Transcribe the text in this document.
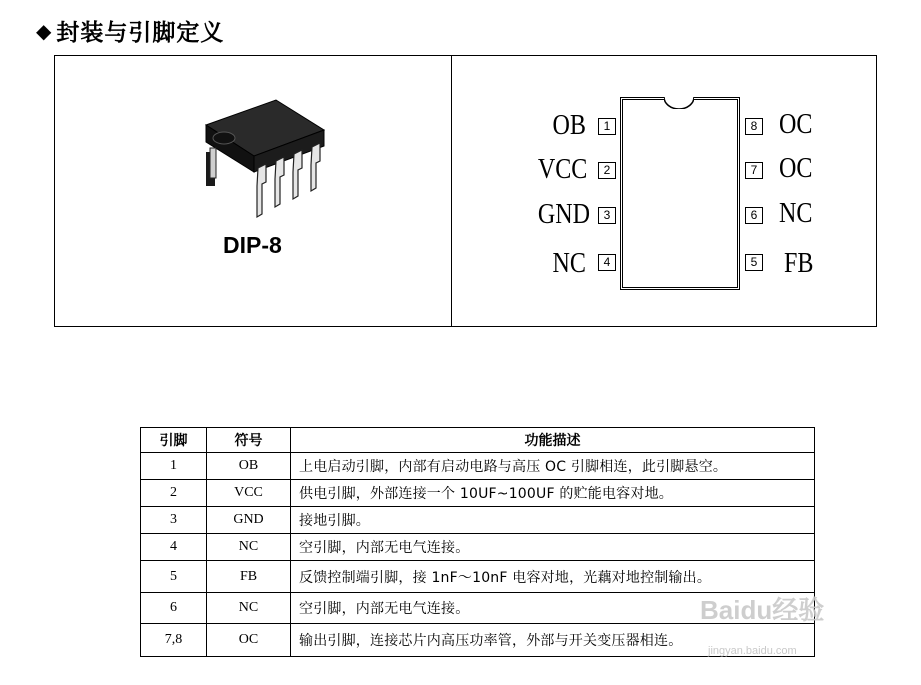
◆ 封装与引脚定义
DIP-8
OB	1
VCC	2
GND	3
NC	4
8 OC
7 OC
6 NC
5 FB
引脚	符号	功能描述
1	OB	上电启动引脚，内部有启动电路与高压 OC 引脚相连，此引脚悬空。
2	VCC	供电引脚，外部连接一个 10UF~100UF 的贮能电容对地。
3	GND	接地引脚。
4	NC	空引脚，内部无电气连接。
5	FB	反馈控制端引脚，接 1nF～10nF 电容对地，光藕对地控制输出。
6	NC	空引脚，内部无电气连接。
7,8	OC	输出引脚，连接芯片内高压功率管，外部与开关变压器相连。
Baidu经验
jingyan.baidu.com
